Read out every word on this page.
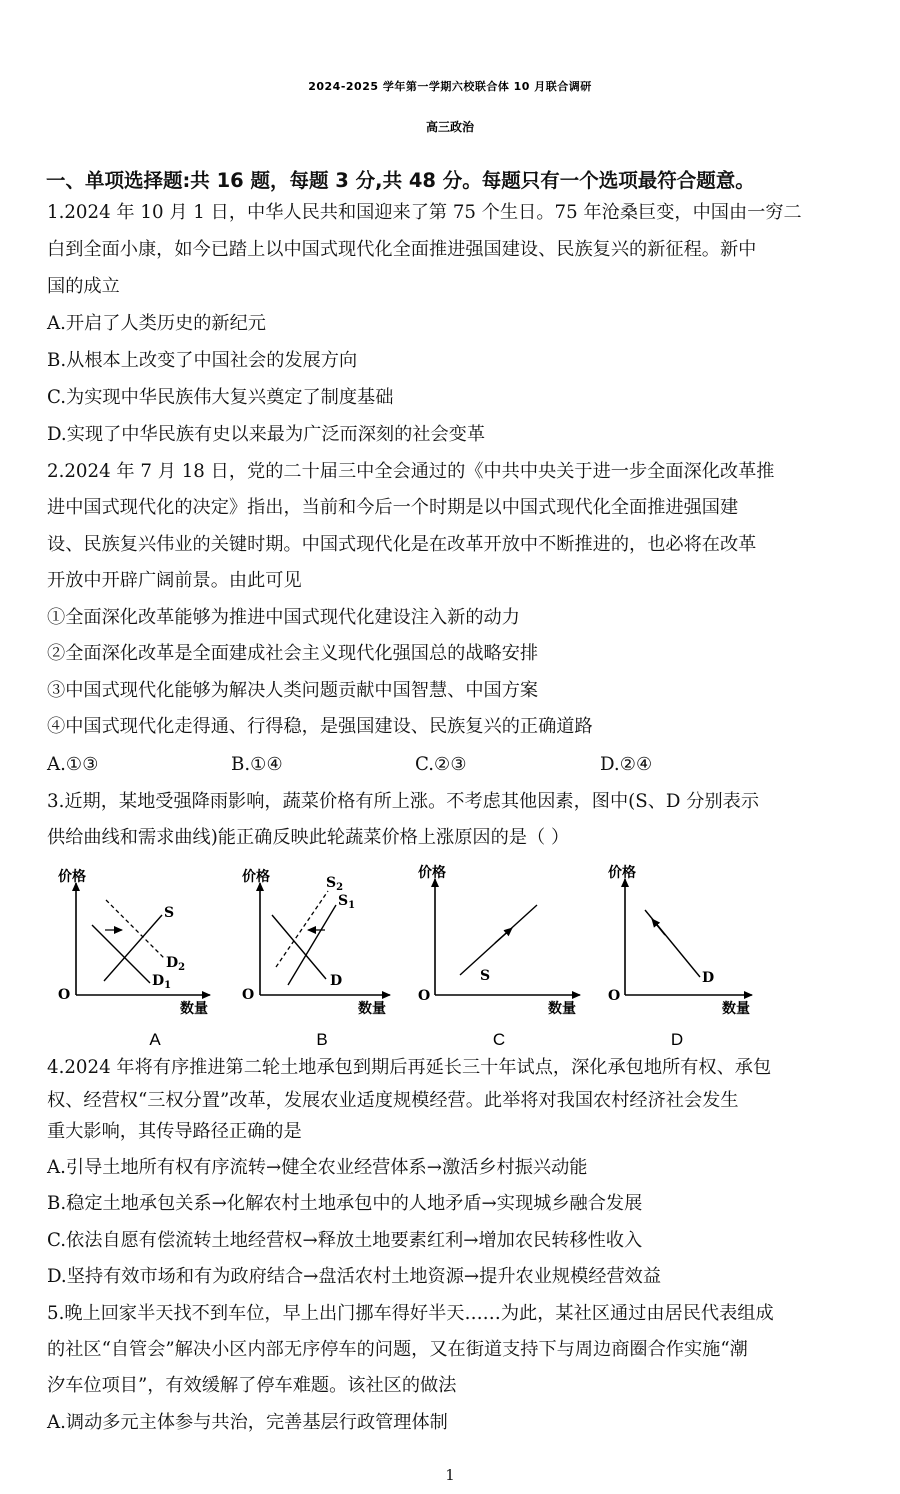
2024-2025 学年第一学期六校联合体 10 月联合调研
高三政治
一、单项选择题:共 16 题，每题 3 分,共 48 分。每题只有一个选项最符合题意。
1.2024 年 10 月 1 日，中华人民共和国迎来了第 75 个生日。75 年沧桑巨变，中国由一穷二
白到全面小康，如今已踏上以中国式现代化全面推进强国建设、民族复兴的新征程。新中
国的成立
A.开启了人类历史的新纪元
B.从根本上改变了中国社会的发展方向
C.为实现中华民族伟大复兴奠定了制度基础
D.实现了中华民族有史以来最为广泛而深刻的社会变革
2.2024 年 7 月 18 日，党的二十届三中全会通过的《中共中央关于进一步全面深化改革推
进中国式现代化的决定》指出，当前和今后一个时期是以中国式现代化全面推进强国建
设、民族复兴伟业的关键时期。中国式现代化是在改革开放中不断推进的，也必将在改革
开放中开辟广阔前景。由此可见
①全面深化改革能够为推进中国式现代化建设注入新的动力
②全面深化改革是全面建成社会主义现代化强国总的战略安排
③中国式现代化能够为解决人类问题贡献中国智慧、中国方案
④中国式现代化走得通、行得稳，是强国建设、民族复兴的正确道路
A.①③	B.①④	C.②③	D.②④
3.近期，某地受强降雨影响，蔬菜价格有所上涨。不考虑其他因素，图中(S、D 分别表示
供给曲线和需求曲线)能正确反映此轮蔬菜价格上涨原因的是（ ）
价格
O
数量
S
$D_1$
$D_2$
价格
O
数量
$S_1$
$S_2$
D
价格
O
数量
S
价格
O
数量
D
A	B	C	D
4.2024 年将有序推进第二轮土地承包到期后再延长三十年试点，深化承包地所有权、承包
权、经营权“三权分置”改革，发展农业适度规模经营。此举将对我国农村经济社会发生
重大影响，其传导路径正确的是
A.引导土地所有权有序流转→健全农业经营体系→激活乡村振兴动能
B.稳定土地承包关系→化解农村土地承包中的人地矛盾→实现城乡融合发展
C.依法自愿有偿流转土地经营权→释放土地要素红利→增加农民转移性收入
D.坚持有效市场和有为政府结合→盘活农村土地资源→提升农业规模经营效益
5.晚上回家半天找不到车位，早上出门挪车得好半天……为此，某社区通过由居民代表组成
的社区“自管会”解决小区内部无序停车的问题，又在街道支持下与周边商圈合作实施“潮
汐车位项目”，有效缓解了停车难题。该社区的做法
A.调动多元主体参与共治，完善基层行政管理体制
1
